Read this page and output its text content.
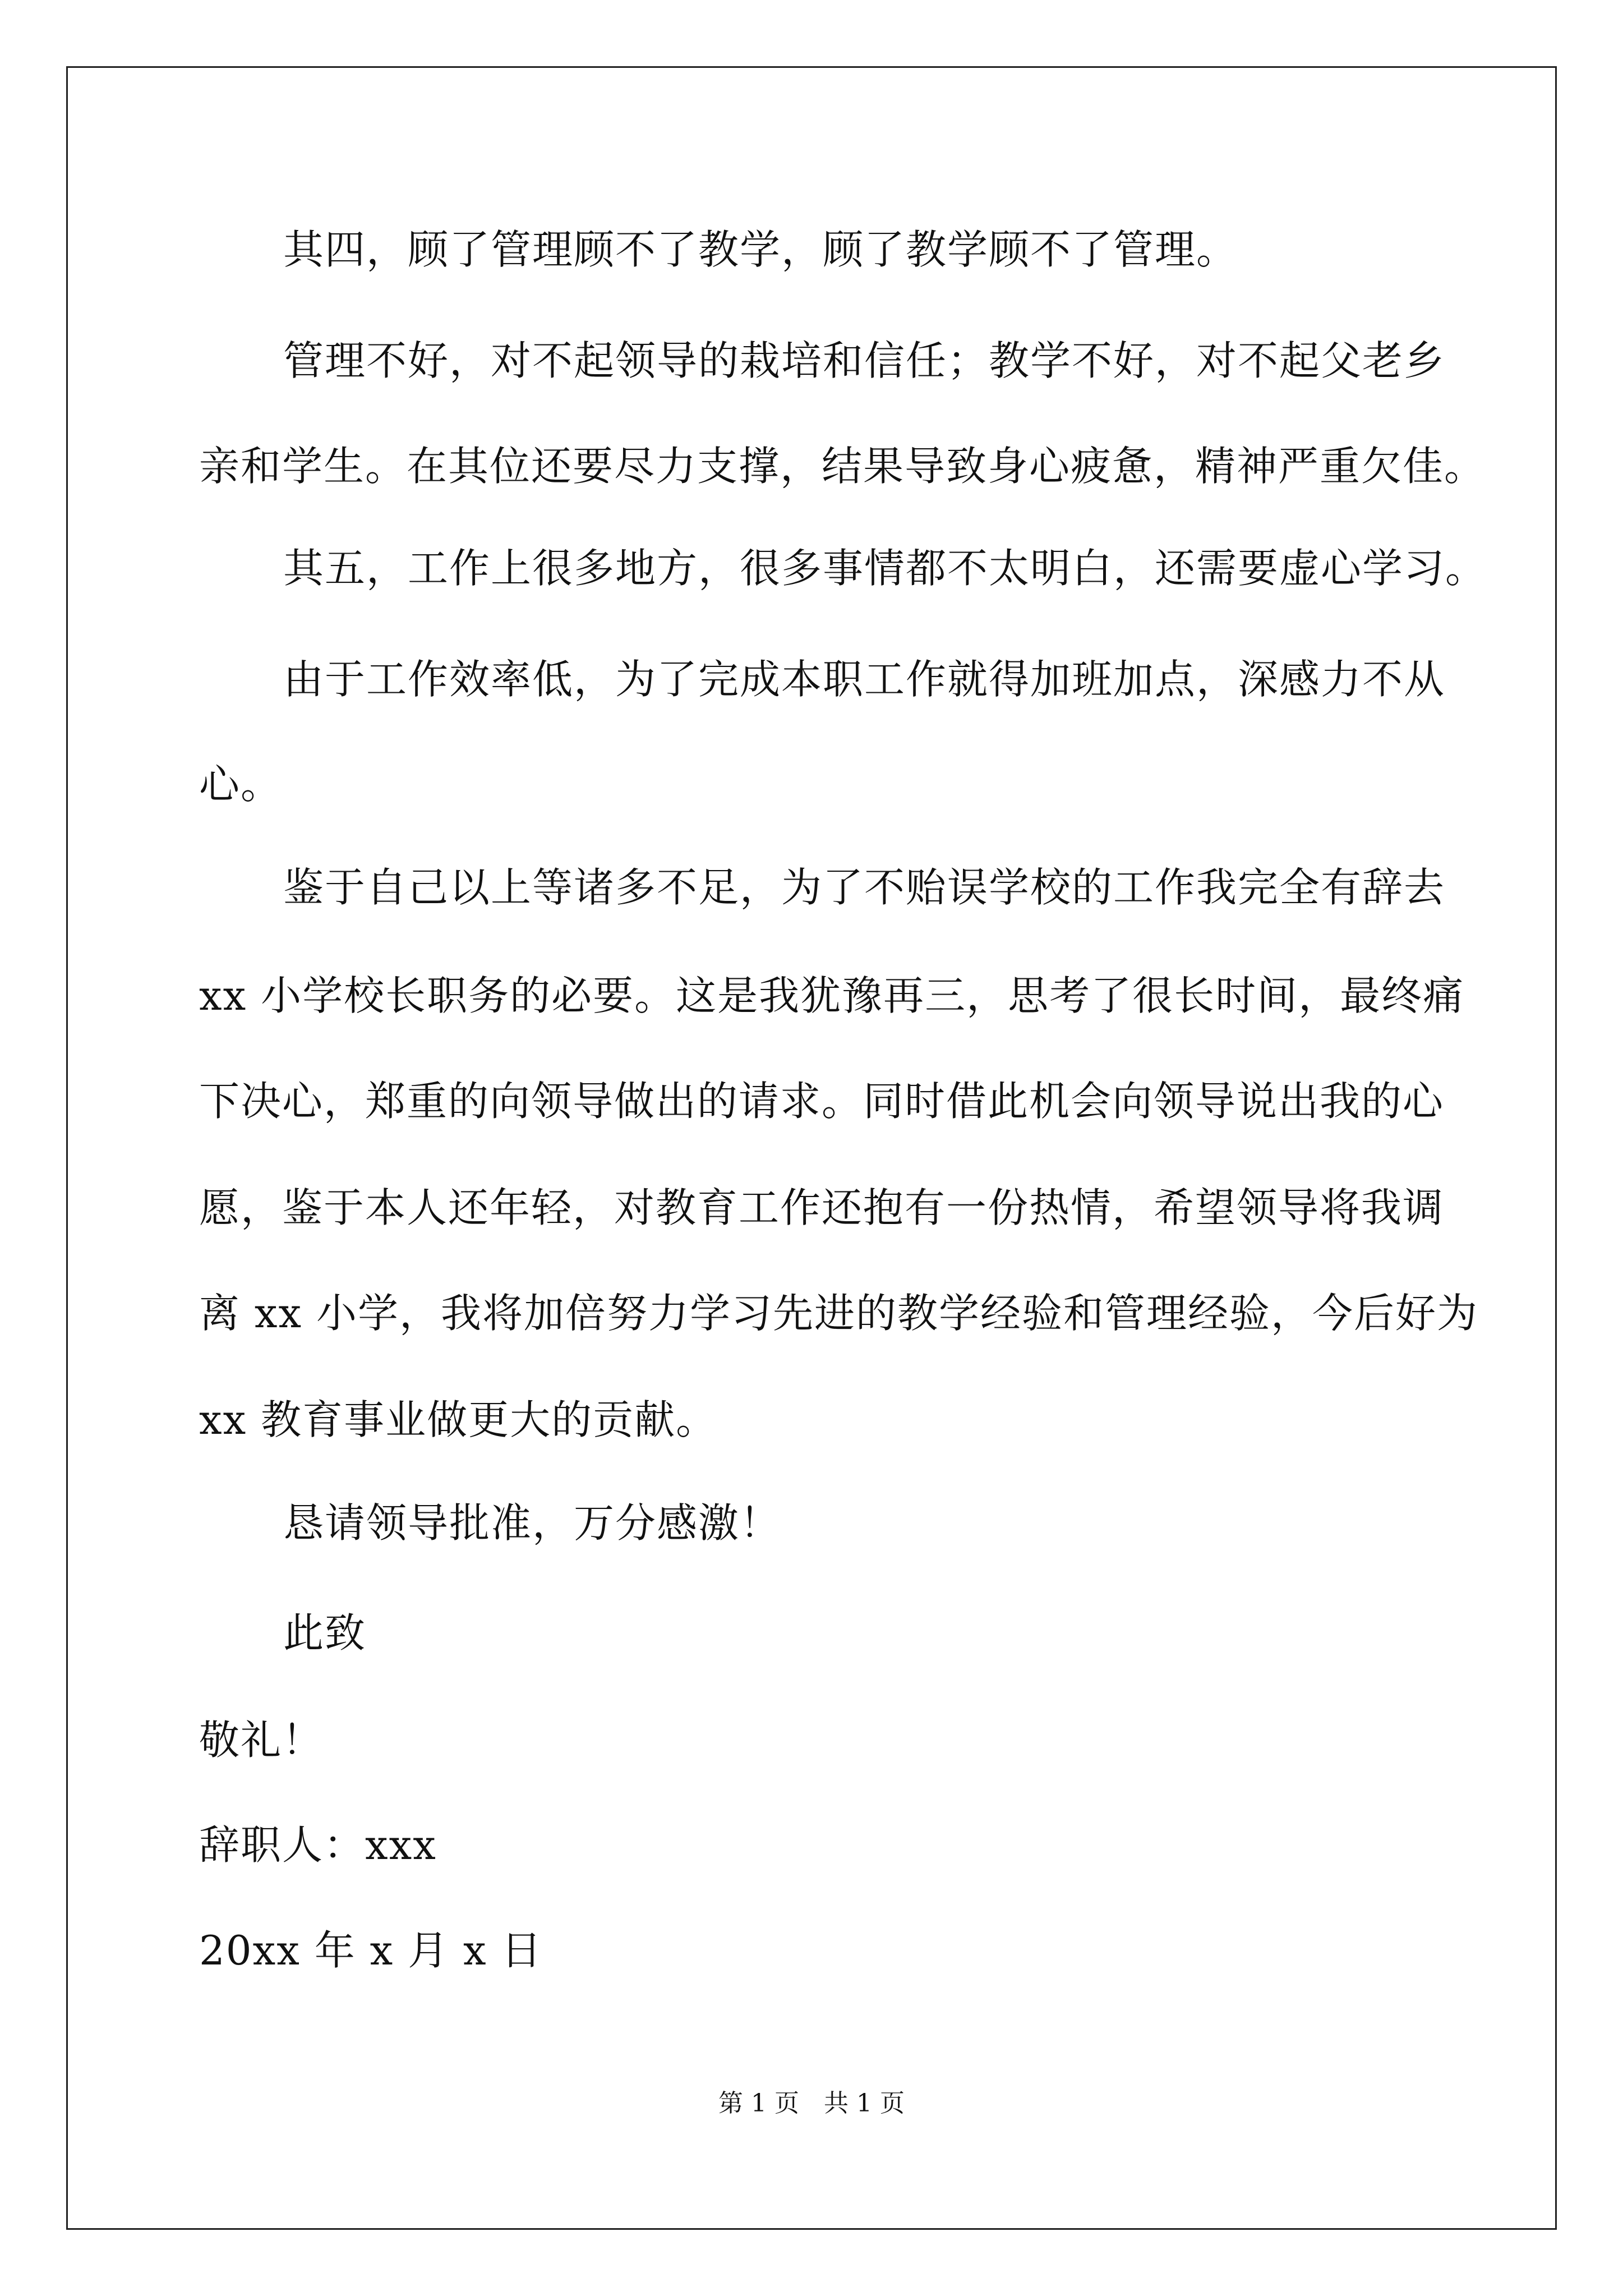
其四，顾了管理顾不了教学，顾了教学顾不了管理。
管理不好，对不起领导的栽培和信任；教学不好，对不起父老乡
亲和学生。在其位还要尽力支撑，结果导致身心疲惫，精神严重欠佳。
其五，工作上很多地方，很多事情都不太明白，还需要虚心学习。
由于工作效率低，为了完成本职工作就得加班加点，深感力不从
心。
鉴于自己以上等诸多不足，为了不贻误学校的工作我完全有辞去
xx 小学校长职务的必要。这是我犹豫再三，思考了很长时间，最终痛
下决心，郑重的向领导做出的请求。同时借此机会向领导说出我的心
愿，鉴于本人还年轻，对教育工作还抱有一份热情，希望领导将我调
离 xx 小学，我将加倍努力学习先进的教学经验和管理经验，今后好为
xx 教育事业做更大的贡献。
恳请领导批准，万分感激！
此致
敬礼！
辞职人：xxx
20xx 年 x 月 x 日
第 1 页　共 1 页
